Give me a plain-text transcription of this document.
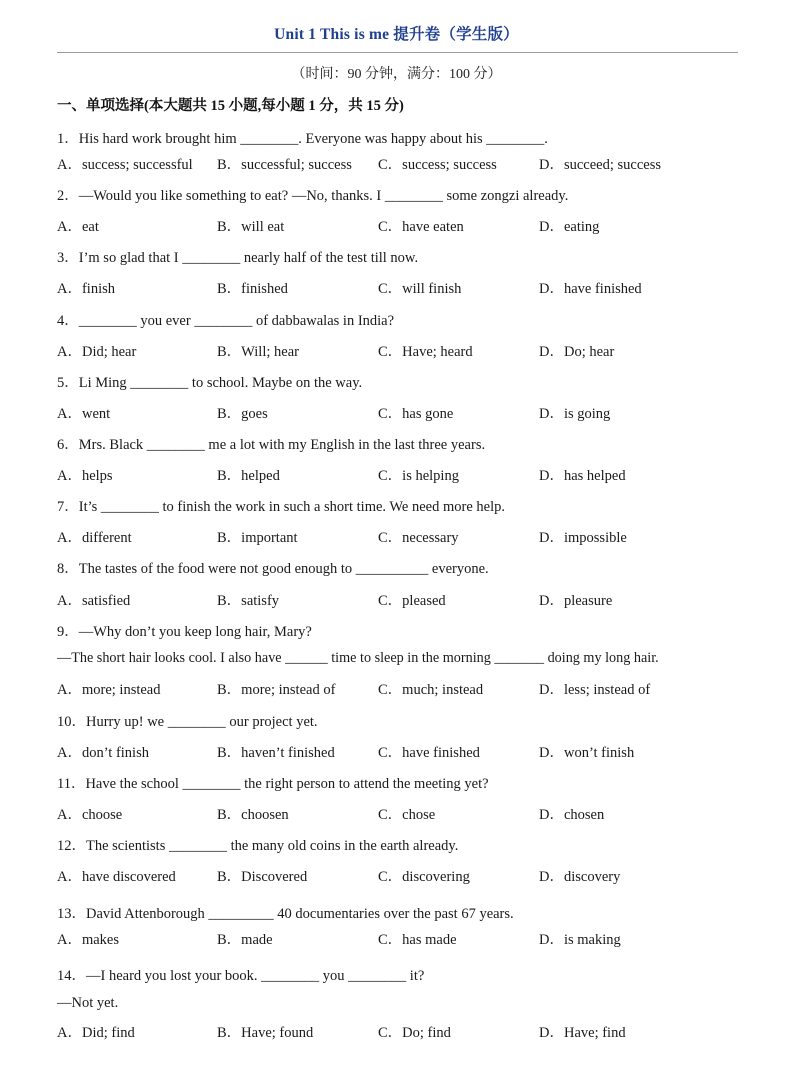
Unit 1 This is me 提升卷（学生版）
（时间：90 分钟，满分：100 分）
一、单项选择(本大题共 15 小题,每小题 1 分，共 15 分)
1．His hard work brought him ________. Everyone was happy about his ________.
A．success; successful B．successful; success C．success; success	D．succeed; success
2．—Would you like something to eat? —No, thanks. I ________ some zongzi already.
A．eat	B．will eat	C．have eaten	D．eating
3．I’m so glad that I ________ nearly half of the test till now.
A．finish	B．finished	C．will finish	D．have finished
4．________ you ever ________ of dabbawalas in India?
A．Did; hear	B．Will; hear	C．Have; heard	D．Do; hear
5．Li Ming ________ to school. Maybe on the way.
A．went	B．goes	C．has gone	D．is going
6．Mrs. Black ________ me a lot with my English in the last three years.
A．helps	B．helped	C．is helping	D．has helped
7．It’s ________ to finish the work in such a short time. We need more help.
A．different	B．important	C．necessary	D．impossible
8．The tastes of the food were not good enough to __________ everyone.
A．satisfied	B．satisfy	C．pleased	D．pleasure
9．—Why don’t you keep long hair, Mary?
—The short hair looks cool. I also have ______ time to sleep in the morning _______ doing my long hair.
A．more; instead	B．more; instead of	C．much; instead	D．less; instead of
10．Hurry up! we ________ our project yet.
A．don’t finish	B．haven’t finished	C．have finished	D．won’t finish
11．Have the school ________ the right person to attend the meeting yet?
A．choose	B．choosen	C．chose	D．chosen
12．The scientists ________ the many old coins in the earth already.
A．have discovered	B．Discovered	C．discovering	D．discovery
13．David Attenborough _________ 40 documentaries over the past 67 years.
A．makes	B．made	C．has made	D．is making
14．—I heard you lost your book. ________ you ________ it?
—Not yet.
A．Did; find	B．Have; found	C．Do; find	D．Have; find
